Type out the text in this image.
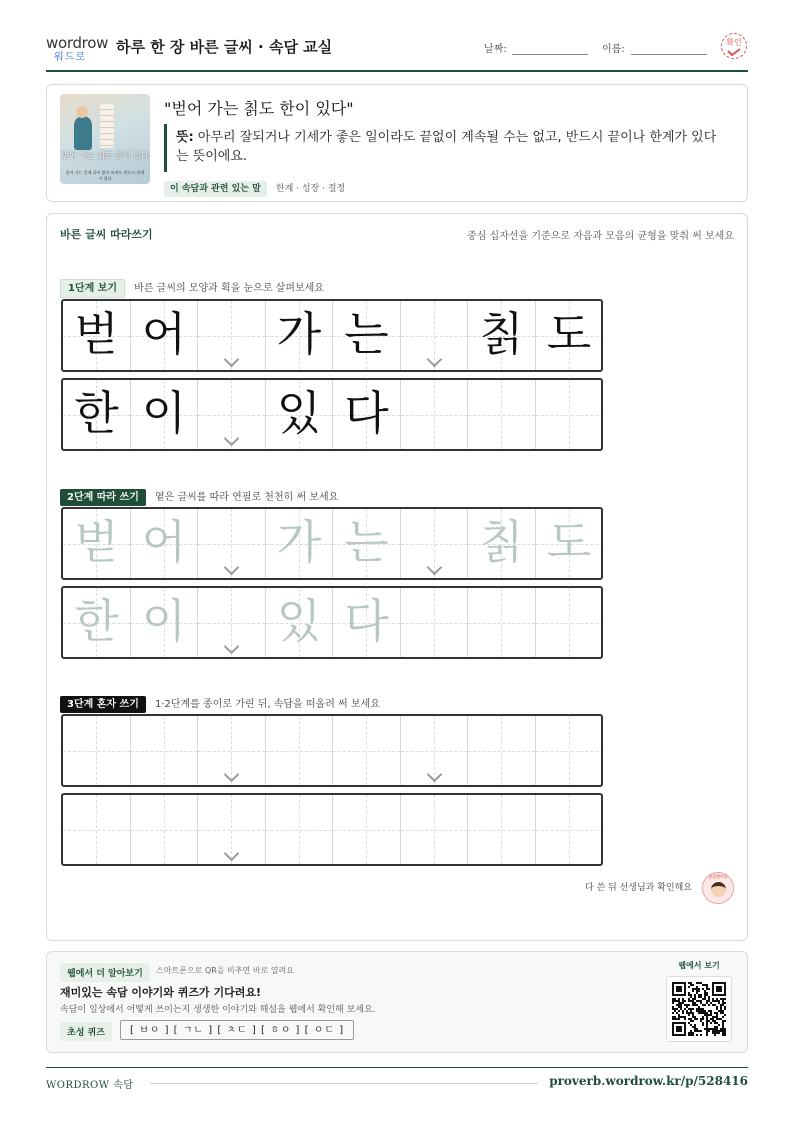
wordrow
워드로
하루 한 장 바른 글씨 · 속담 교실	날짜:	이름:
확인
벋어 가는 칡도 한이 있다
좋아 가는 일에 끝이 없어 보여도 반드시 한계가 있다
"벋어 가는 칡도 한이 있다"
뜻: 아무리 잘되거나 기세가 좋은 일이라도 끝없이 계속될 수는 없고, 반드시 끝이나 한계가 있다는 뜻이에요.
이 속담과 관련 있는 말 한계 · 성장 · 절정
바른 글씨 따라쓰기	중심 십자선을 기준으로 자음과 모음의 균형을 맞춰 써 보세요
1단계 보기 바른 글씨의 모양과 획을 눈으로 살펴보세요
벋 어 가 는 칡 도
한 이 있 다
2단계 따라 쓰기 옅은 글씨를 따라 연필로 천천히 써 보세요
벋 어 가 는 칡 도
한 이 있 다
3단계 혼자 쓰기 1·2단계를 종이로 가린 뒤, 속담을 떠올려 써 보세요
다 쓴 뒤 선생님과 확인해요
참잘했어요
웹에서 더 알아보기	스마트폰으로 QR을 비추면 바로 열려요
재미있는 속담 이야기와 퀴즈가 기다려요!
속담이 일상에서 어떻게 쓰이는지 생생한 이야기와 해설을 웹에서 확인해 보세요.
초성 퀴즈	[ ㅂㅇ ] [ ㄱㄴ ] [ ㅊㄷ ] [ ㅎㅇ ] [ ㅇㄷ ]
웹에서 보기
WORDROW 속담	proverb.wordrow.kr/p/528416
